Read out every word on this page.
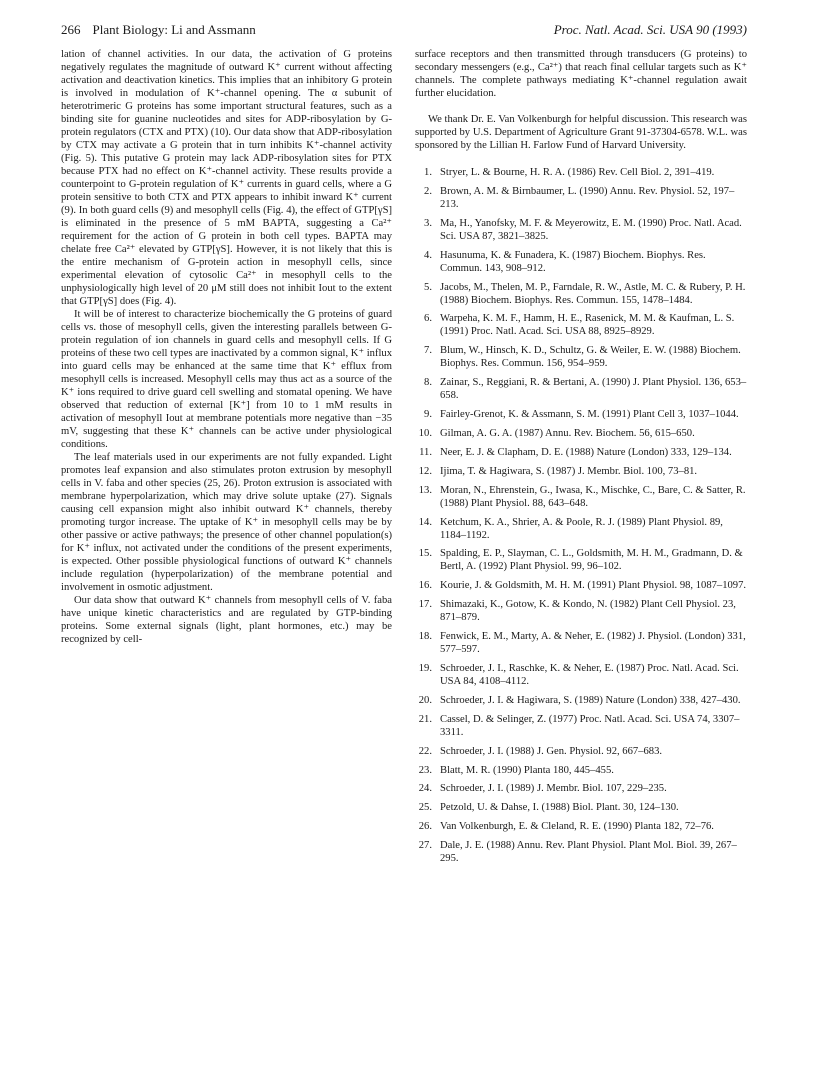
266 Plant Biology: Li and Assmann	Proc. Natl. Acad. Sci. USA 90 (1993)

lation of channel activities. In our data, the activation of G proteins negatively regulates the magnitude of outward K⁺ current without affecting activation and deactivation kinetics. This implies that an inhibitory G protein is involved in modulation of K⁺-channel opening. The α subunit of heterotrimeric G proteins has some important structural features, such as a binding site for guanine nucleotides and sites for ADP-ribosylation by G-protein regulators (CTX and PTX) (10). Our data show that ADP-ribosylation by CTX may activate a G protein that in turn inhibits K⁺-channel activity (Fig. 5). This putative G protein may lack ADP-ribosylation sites for PTX because PTX had no effect on K⁺-channel activity. These results provide a counterpoint to G-protein regulation of K⁺ currents in guard cells, where a G protein sensitive to both CTX and PTX appears to inhibit inward K⁺ current (9). In both guard cells (9) and mesophyll cells (Fig. 4), the effect of GTP[γS] is eliminated in the presence of 5 mM BAPTA, suggesting a Ca²⁺ requirement for the action of G protein in both cell types. BAPTA may chelate free Ca²⁺ elevated by GTP[γS]. However, it is not likely that this is the entire mechanism of G-protein action in mesophyll cells, since experimental elevation of cytosolic Ca²⁺ in mesophyll cells to the unphysiologically high level of 20 μM still does not inhibit Iout to the extent that GTP[γS] does (Fig. 4).

It will be of interest to characterize biochemically the G proteins of guard cells vs. those of mesophyll cells, given the interesting parallels between G-protein regulation of ion channels in guard cells and mesophyll cells. If G proteins of these two cell types are inactivated by a common signal, K⁺ influx into guard cells may be enhanced at the same time that K⁺ efflux from mesophyll cells is increased. Mesophyll cells may thus act as a source of the K⁺ ions required to drive guard cell swelling and stomatal opening. We have observed that reduction of external [K⁺] from 10 to 1 mM results in activation of mesophyll Iout at membrane potentials more negative than −35 mV, suggesting that these K⁺ channels can be active under physiological conditions.

The leaf materials used in our experiments are not fully expanded. Light promotes leaf expansion and also stimulates proton extrusion by mesophyll cells in V. faba and other species (25, 26). Proton extrusion is associated with membrane hyperpolarization, which may drive solute uptake (27). Signals causing cell expansion might also inhibit outward K⁺ channels, thereby promoting turgor increase. The uptake of K⁺ in mesophyll cells may be by other passive or active pathways; the presence of other channel population(s) for K⁺ influx, not activated under the conditions of the present experiments, is expected. Other possible physiological functions of outward K⁺ channels include regulation (hyperpolarization) of the membrane potential and involvement in osmotic adjustment.

Our data show that outward K⁺ channels from mesophyll cells of V. faba have unique kinetic characteristics and are regulated by GTP-binding proteins. Some external signals (light, plant hormones, etc.) may be recognized by cell-

surface receptors and then transmitted through transducers (G proteins) to secondary messengers (e.g., Ca²⁺) that reach final cellular targets such as K⁺ channels. The complete pathways mediating K⁺-channel regulation await further elucidation.

We thank Dr. E. Van Volkenburgh for helpful discussion. This research was supported by U.S. Department of Agriculture Grant 91-37304-6578. W.L. was sponsored by the Lillian H. Farlow Fund of Harvard University.

1. Stryer, L. & Bourne, H. R. A. (1986) Rev. Cell Biol. 2, 391–419.
2. Brown, A. M. & Birnbaumer, L. (1990) Annu. Rev. Physiol. 52, 197–213.
3. Ma, H., Yanofsky, M. F. & Meyerowitz, E. M. (1990) Proc. Natl. Acad. Sci. USA 87, 3821–3825.
4. Hasunuma, K. & Funadera, K. (1987) Biochem. Biophys. Res. Commun. 143, 908–912.
5. Jacobs, M., Thelen, M. P., Farndale, R. W., Astle, M. C. & Rubery, P. H. (1988) Biochem. Biophys. Res. Commun. 155, 1478–1484.
6. Warpeha, K. M. F., Hamm, H. E., Rasenick, M. M. & Kaufman, L. S. (1991) Proc. Natl. Acad. Sci. USA 88, 8925–8929.
7. Blum, W., Hinsch, K. D., Schultz, G. & Weiler, E. W. (1988) Biochem. Biophys. Res. Commun. 156, 954–959.
8. Zainar, S., Reggiani, R. & Bertani, A. (1990) J. Plant Physiol. 136, 653–658.
9. Fairley-Grenot, K. & Assmann, S. M. (1991) Plant Cell 3, 1037–1044.
10. Gilman, A. G. A. (1987) Annu. Rev. Biochem. 56, 615–650.
11. Neer, E. J. & Clapham, D. E. (1988) Nature (London) 333, 129–134.
12. Ijima, T. & Hagiwara, S. (1987) J. Membr. Biol. 100, 73–81.
13. Moran, N., Ehrenstein, G., Iwasa, K., Mischke, C., Bare, C. & Satter, R. (1988) Plant Physiol. 88, 643–648.
14. Ketchum, K. A., Shrier, A. & Poole, R. J. (1989) Plant Physiol. 89, 1184–1192.
15. Spalding, E. P., Slayman, C. L., Goldsmith, M. H. M., Gradmann, D. & Bertl, A. (1992) Plant Physiol. 99, 96–102.
16. Kourie, J. & Goldsmith, M. H. M. (1991) Plant Physiol. 98, 1087–1097.
17. Shimazaki, K., Gotow, K. & Kondo, N. (1982) Plant Cell Physiol. 23, 871–879.
18. Fenwick, E. M., Marty, A. & Neher, E. (1982) J. Physiol. (London) 331, 577–597.
19. Schroeder, J. I., Raschke, K. & Neher, E. (1987) Proc. Natl. Acad. Sci. USA 84, 4108–4112.
20. Schroeder, J. I. & Hagiwara, S. (1989) Nature (London) 338, 427–430.
21. Cassel, D. & Selinger, Z. (1977) Proc. Natl. Acad. Sci. USA 74, 3307–3311.
22. Schroeder, J. I. (1988) J. Gen. Physiol. 92, 667–683.
23. Blatt, M. R. (1990) Planta 180, 445–455.
24. Schroeder, J. I. (1989) J. Membr. Biol. 107, 229–235.
25. Petzold, U. & Dahse, I. (1988) Biol. Plant. 30, 124–130.
26. Van Volkenburgh, E. & Cleland, R. E. (1990) Planta 182, 72–76.
27. Dale, J. E. (1988) Annu. Rev. Plant Physiol. Plant Mol. Biol. 39, 267–295.
